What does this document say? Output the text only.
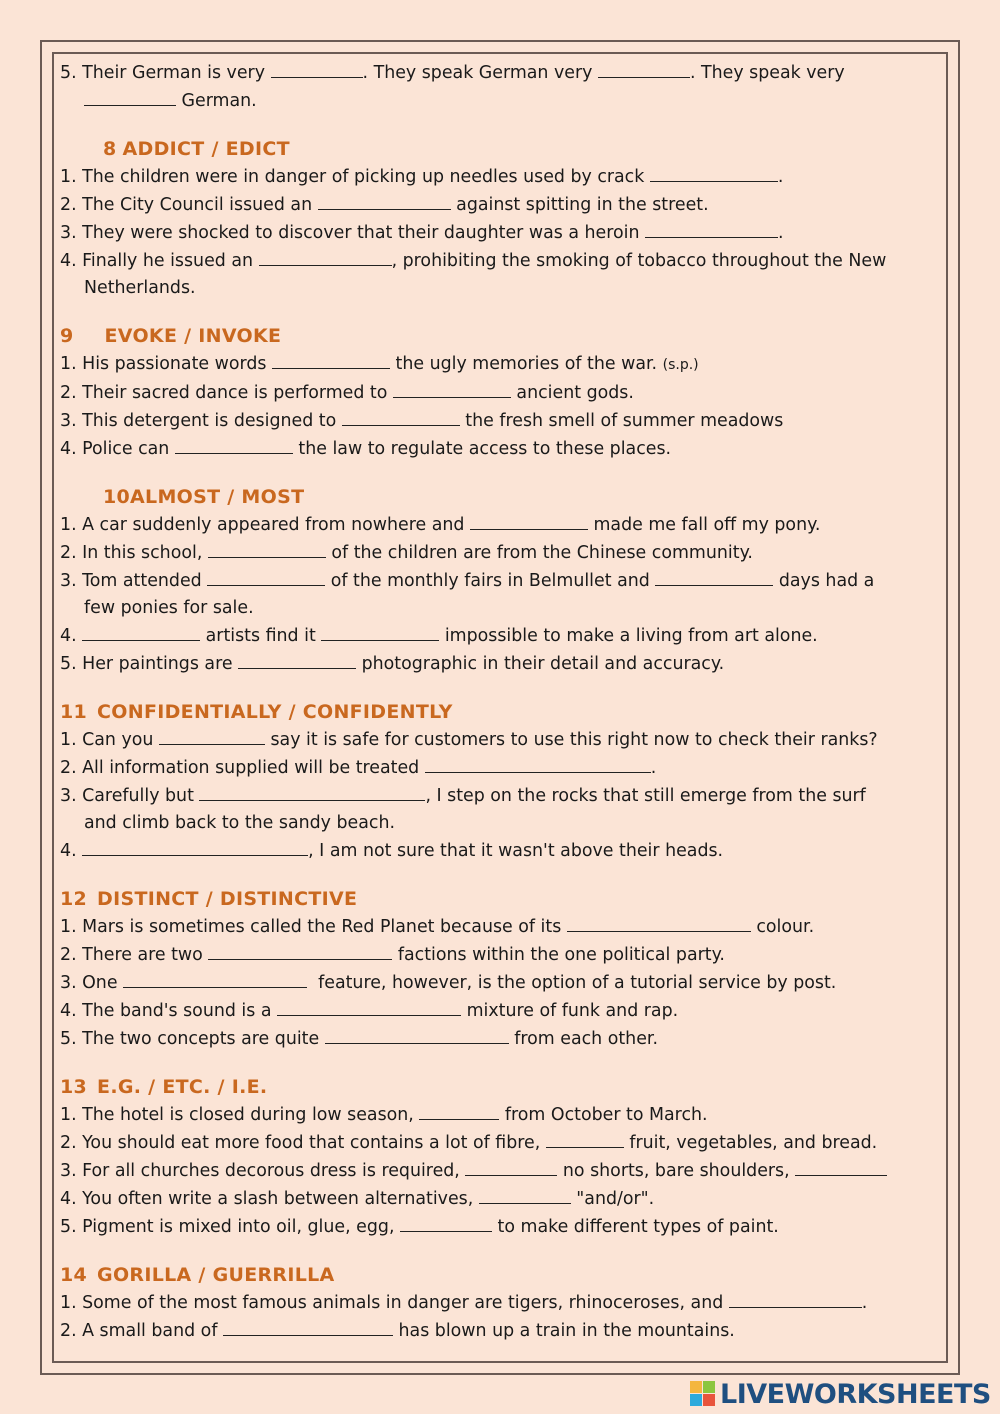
5. Their German is very	. They speak German very	. They speak very
German.
8 ADDICT / EDICT
1. The children were in danger of picking up needles used by crack	.
2. The City Council issued an	against spitting in the street.
3. They were shocked to discover that their daughter was a heroin	.
4. Finally he issued an	, prohibiting the smoking of tobacco throughout the New
Netherlands.
9 EVOKE / INVOKE
1. His passionate words	the ugly memories of the war. (s.p.)
2. Their sacred dance is performed to	ancient gods.
3. This detergent is designed to	the fresh smell of summer meadows
4. Police can	the law to regulate access to these places.
10ALMOST / MOST
1. A car suddenly appeared from nowhere and	made me fall off my pony.
2. In this school,	of the children are from the Chinese community.
3. Tom attended	of the monthly fairs in Belmullet and	days had a
few ponies for sale.
4.	artists find it	impossible to make a living from art alone.
5. Her paintings are	photographic in their detail and accuracy.
11 CONFIDENTIALLY / CONFIDENTLY
1. Can you	say it is safe for customers to use this right now to check their ranks?
2. All information supplied will be treated	.
3. Carefully but	, I step on the rocks that still emerge from the surf
and climb back to the sandy beach.
4.	, I am not sure that it wasn't above their heads.
12 DISTINCT / DISTINCTIVE
1. Mars is sometimes called the Red Planet because of its	colour.
2. There are two	factions within the one political party.
3. One	feature, however, is the option of a tutorial service by post.
4. The band's sound is a	mixture of funk and rap.
5. The two concepts are quite	from each other.
13 E.G. / ETC. / I.E.
1. The hotel is closed during low season,	from October to March.
2. You should eat more food that contains a lot of fibre,	fruit, vegetables, and bread.
3. For all churches decorous dress is required,	no shorts, bare shoulders,
4. You often write a slash between alternatives,	"and/or".
5. Pigment is mixed into oil, glue, egg,	to make different types of paint.
14 GORILLA / GUERRILLA
1. Some of the most famous animals in danger are tigers, rhinoceroses, and	.
2. A small band of	has blown up a train in the mountains.
LIVEWORKSHEETS
